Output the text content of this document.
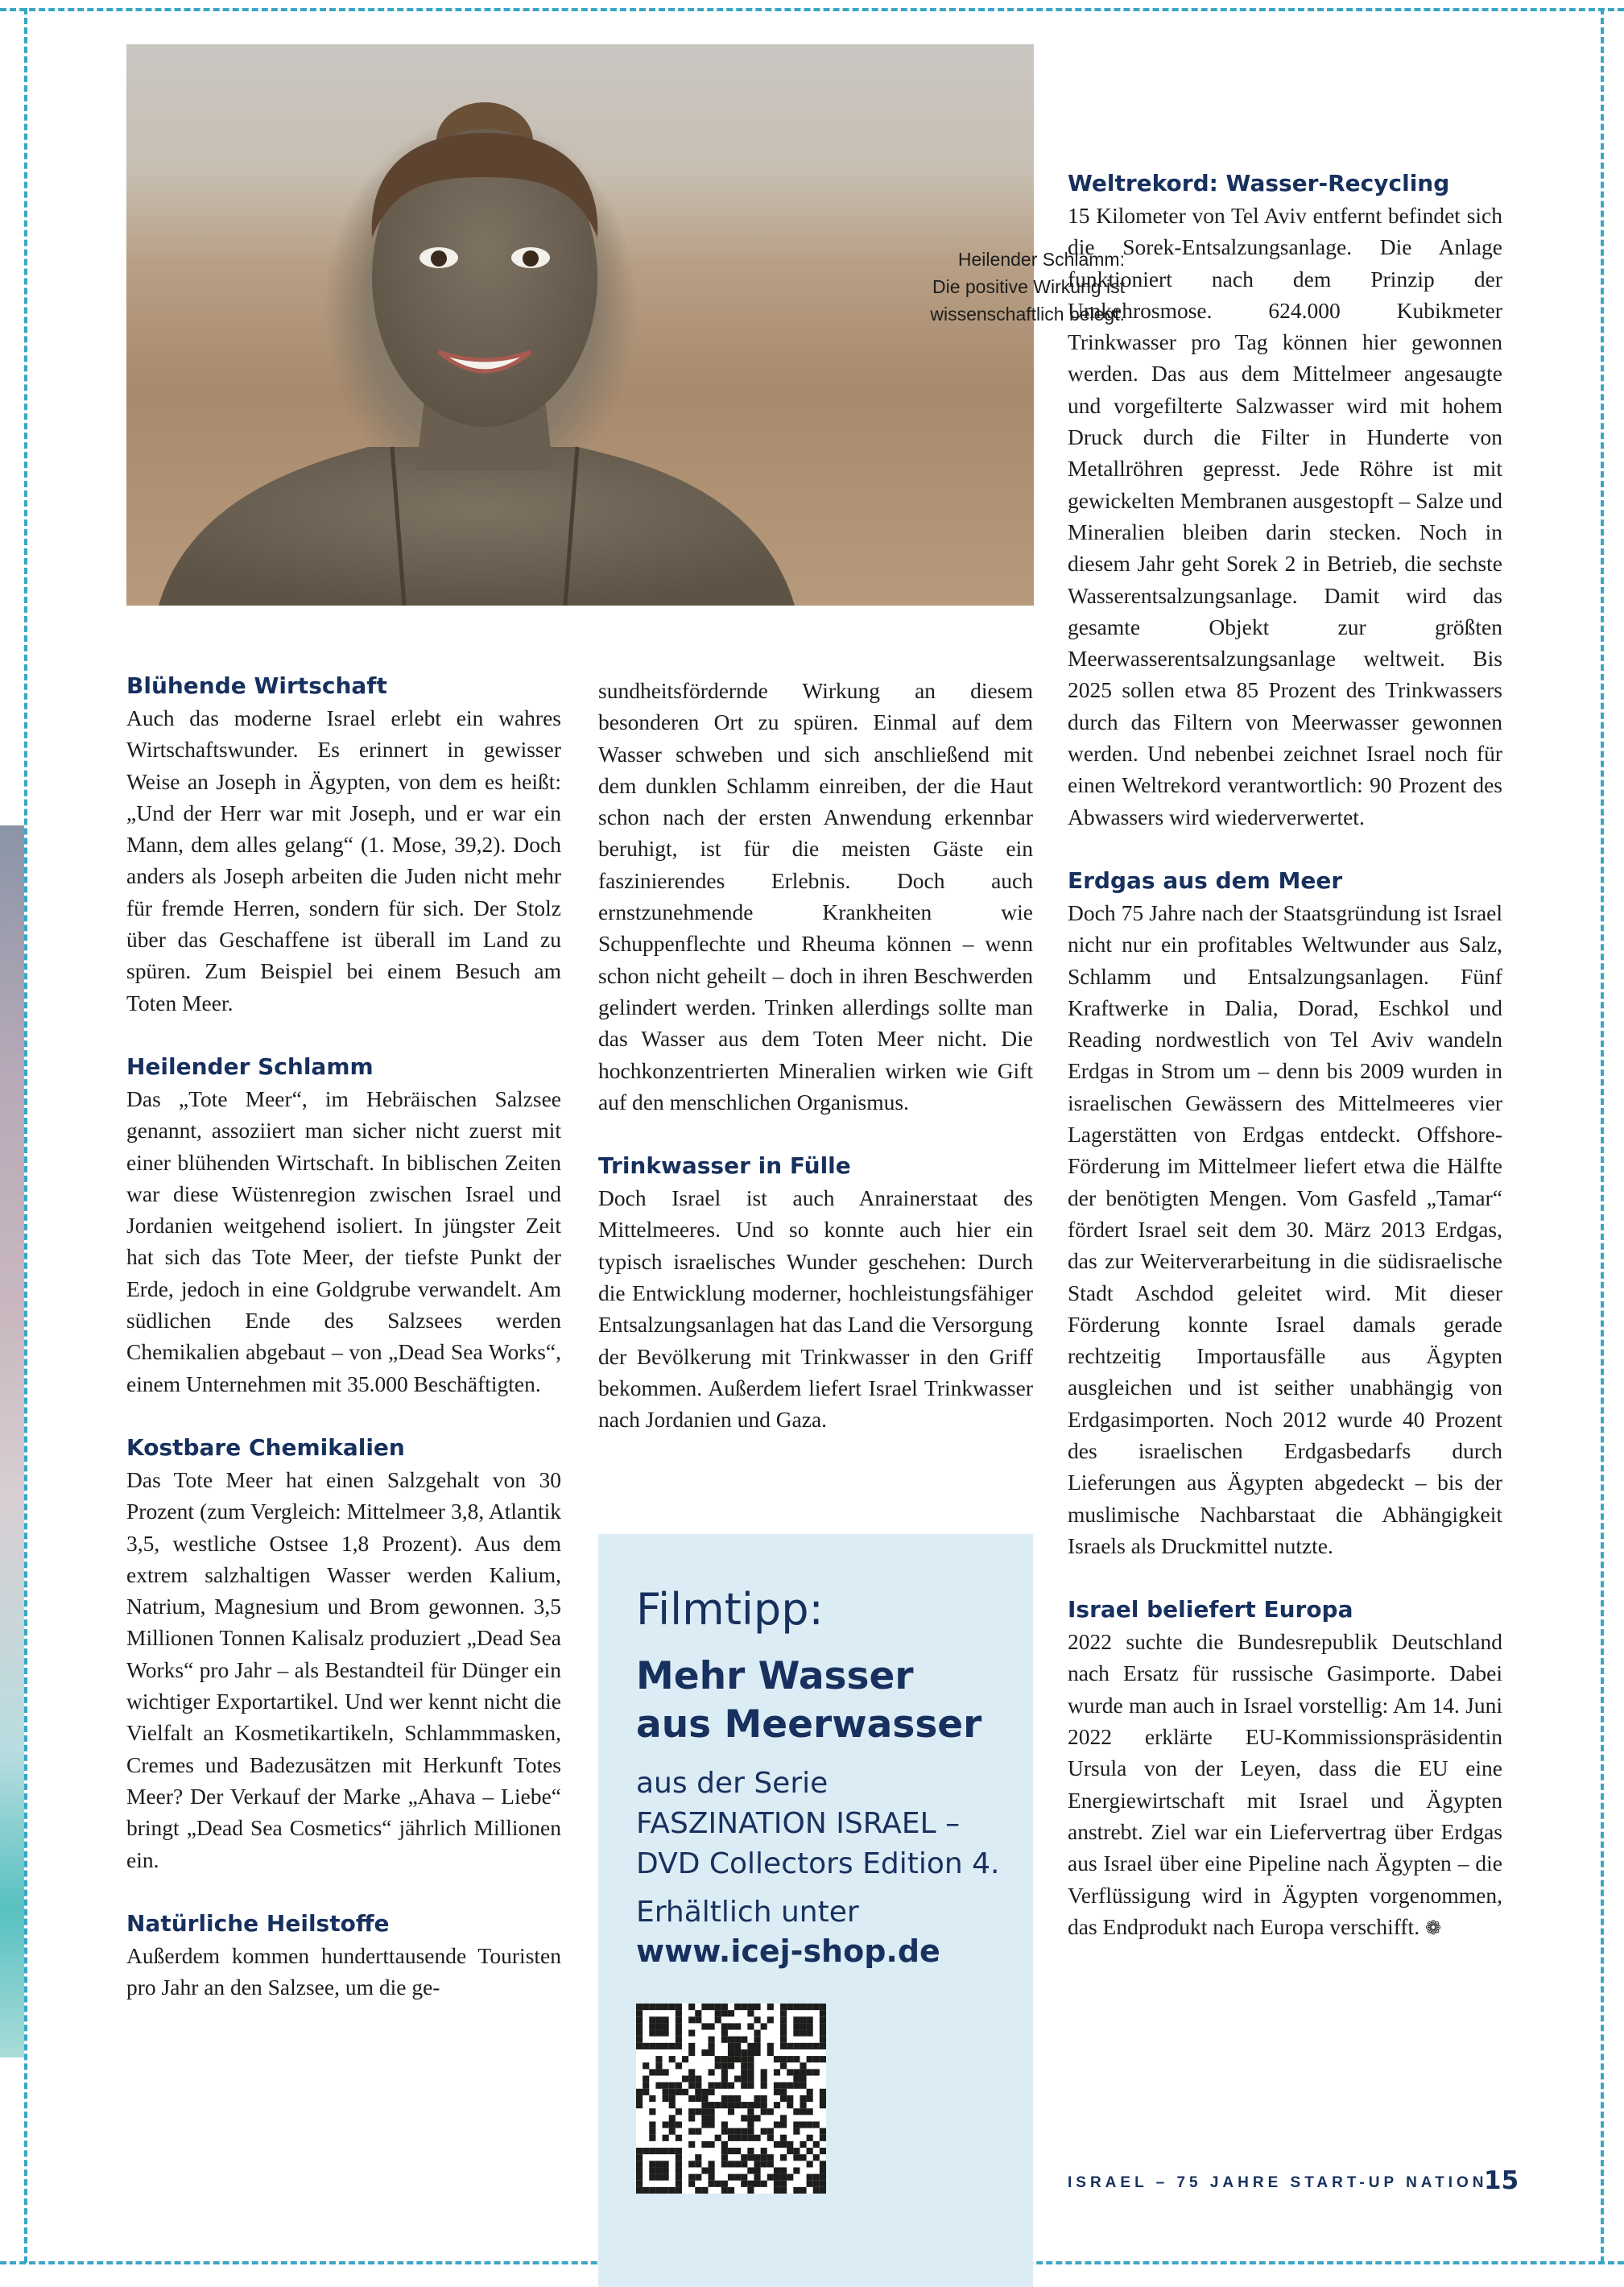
Heilender Schlamm:
Die positive Wirkung ist
wissenschaftlich belegt.
Blühende Wirtschaft

Auch das moderne Israel erlebt ein wahres Wirtschaftswunder. Es erinnert in gewisser Weise an Joseph in Ägypten, von dem es heißt: „Und der Herr war mit Joseph, und er war ein Mann, dem alles gelang“ (1. Mose, 39,2). Doch anders als Joseph arbeiten die Juden nicht mehr für fremde Herren, sondern für sich. Der Stolz über das Geschaffene ist überall im Land zu spüren. Zum Beispiel bei einem Besuch am Toten Meer.

Heilender Schlamm

Das „Tote Meer“, im Hebräischen Salzsee genannt, assoziiert man sicher nicht zuerst mit einer blühenden Wirtschaft. In biblischen Zeiten war diese Wüstenregion zwischen Israel und Jordanien weitgehend isoliert. In jüngster Zeit hat sich das Tote Meer, der tiefste Punkt der Erde, jedoch in eine Goldgrube verwandelt. Am südlichen Ende des Salzsees werden Chemikalien abgebaut – von „Dead Sea Works“, einem Unternehmen mit 35.000 Beschäftigten.

Kostbare Chemikalien

Das Tote Meer hat einen Salzgehalt von 30 Prozent (zum Vergleich: Mittelmeer 3,8, Atlantik 3,5, westliche Ostsee 1,8 Prozent). Aus dem extrem salzhaltigen Wasser werden Kalium, Natrium, Magnesium und Brom gewonnen. 3,5 Millionen Tonnen Kalisalz produziert „Dead Sea Works“ pro Jahr – als Bestandteil für Dünger ein wichtiger Exportartikel. Und wer kennt nicht die Vielfalt an Kosmetikartikeln, Schlammmasken, Cremes und Badezusätzen mit Herkunft Totes Meer? Der Verkauf der Marke „Ahava – Liebe“ bringt „Dead Sea Cosmetics“ jährlich Millionen ein.

Natürliche Heilstoffe

Außerdem kommen hunderttausende Touristen pro Jahr an den Salzsee, um die ge-

sundheitsfördernde Wirkung an diesem besonderen Ort zu spüren. Einmal auf dem Wasser schweben und sich anschließend mit dem dunklen Schlamm einreiben, der die Haut schon nach der ersten Anwendung erkennbar beruhigt, ist für die meisten Gäste ein faszinierendes Erlebnis. Doch auch ernstzunehmende Krankheiten wie Schuppenflechte und Rheuma können – wenn schon nicht geheilt – doch in ihren Beschwerden gelindert werden. Trinken allerdings sollte man das Wasser aus dem Toten Meer nicht. Die hochkonzentrierten Mineralien wirken wie Gift auf den menschlichen Organismus.

Trinkwasser in Fülle

Doch Israel ist auch Anrainerstaat des Mittelmeeres. Und so konnte auch hier ein typisch israelisches Wunder geschehen: Durch die Entwicklung moderner, hochleistungsfähiger Entsalzungsanlagen hat das Land die Versorgung der Bevölkerung mit Trinkwasser in den Griff bekommen. Außerdem liefert Israel Trinkwasser nach Jordanien und Gaza.

Filmtipp:
Mehr Wasser
aus Meerwasser
aus der Serie
FASZINATION ISRAEL –
DVD Collectors Edition 4.
Erhältlich unter
www.icej-shop.de
Weltrekord: Wasser-Recycling

15 Kilometer von Tel Aviv entfernt befindet sich die Sorek-Entsalzungsanlage. Die Anlage funktioniert nach dem Prinzip der Umkehrosmose. 624.000 Kubikmeter Trinkwasser pro Tag können hier gewonnen werden. Das aus dem Mittelmeer angesaugte und vorgefilterte Salzwasser wird mit hohem Druck durch die Filter in Hunderte von Metallröhren gepresst. Jede Röhre ist mit gewickelten Membranen ausgestopft – Salze und Mineralien bleiben darin stecken. Noch in diesem Jahr geht Sorek 2 in Betrieb, die sechste Wasserentsalzungsanlage. Damit wird das gesamte Objekt zur größten Meerwasserentsalzungsanlage weltweit. Bis 2025 sollen etwa 85 Prozent des Trinkwassers durch das Filtern von Meerwasser gewonnen werden. Und nebenbei zeichnet Israel noch für einen Weltrekord verantwortlich: 90 Prozent des Abwassers wird wiederverwertet.

Erdgas aus dem Meer

Doch 75 Jahre nach der Staatsgründung ist Israel nicht nur ein profitables Weltwunder aus Salz, Schlamm und Entsalzungsanlagen. Fünf Kraftwerke in Dalia, Dorad, Eschkol und Reading nordwestlich von Tel Aviv wandeln Erdgas in Strom um – denn bis 2009 wurden in israelischen Gewässern des Mittelmeeres vier Lagerstätten von Erdgas entdeckt. Offshore-Förderung im Mittelmeer liefert etwa die Hälfte der benötigten Mengen. Vom Gasfeld „Tamar“ fördert Israel seit dem 30. März 2013 Erdgas, das zur Weiterverarbeitung in die südisraelische Stadt Aschdod geleitet wird. Mit dieser Förderung konnte Israel damals gerade rechtzeitig Importausfälle aus Ägypten ausgleichen und ist seither unabhängig von Erdgasimporten. Noch 2012 wurde 40 Prozent des israelischen Erdgasbedarfs durch Lieferungen aus Ägypten abgedeckt – bis der muslimische Nachbarstaat die Abhängigkeit Israels als Druckmittel nutzte.

Israel beliefert Europa

2022 suchte die Bundesrepublik Deutschland nach Ersatz für russische Gasimporte. Dabei wurde man auch in Israel vorstellig: Am 14. Juni 2022 erklärte EU-Kommissionspräsidentin Ursula von der Leyen, dass die EU eine Energiewirtschaft mit Israel und Ägypten anstrebt. Ziel war ein Liefervertrag über Erdgas aus Israel über eine Pipeline nach Ägypten – die Verflüssigung wird in Ägypten vorgenommen, das Endprodukt nach Europa verschifft. ❁

ISRAEL – 75 JAHRE START-UP NATION
15
